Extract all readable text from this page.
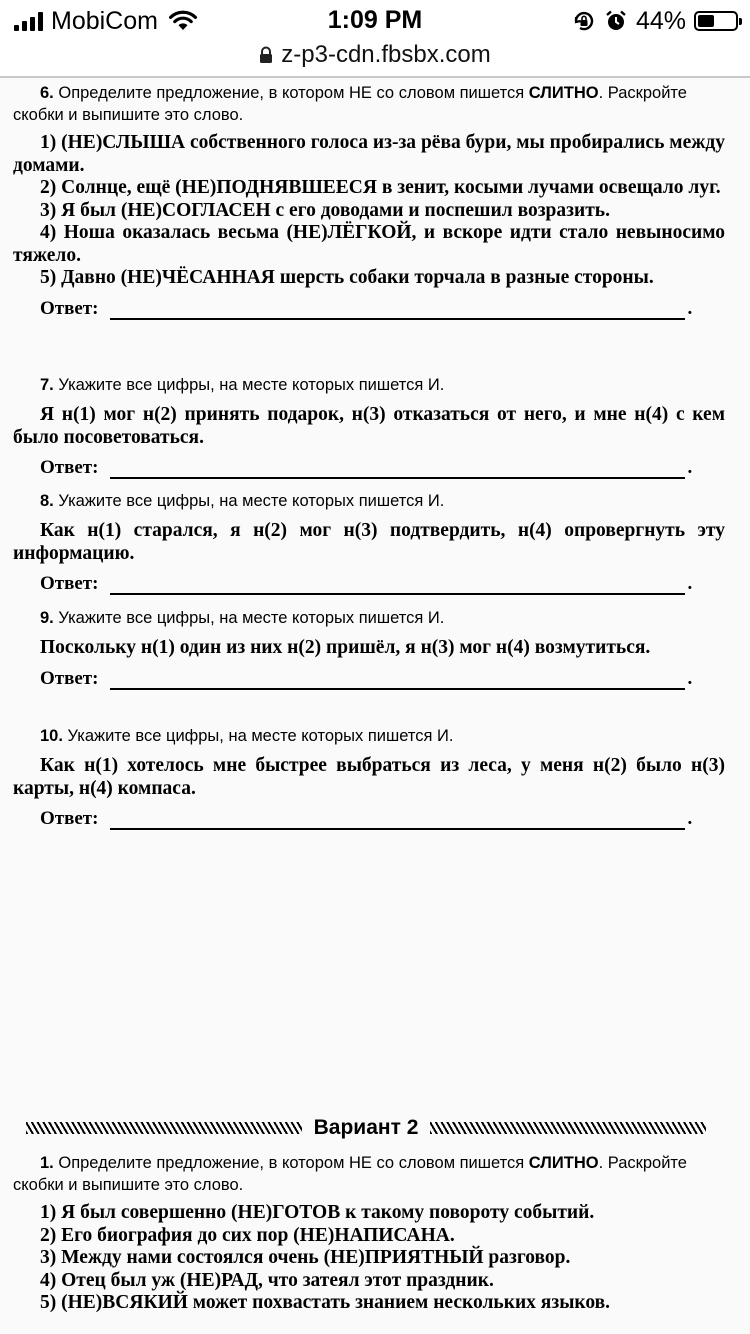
MobiCom	1:09 PM	44%
z-p3-cdn.fbsbx.com

6. Определите предложение, в котором НЕ со словом пишется СЛИТНО. Раскройте скобки и выпишите это слово.

1) (НЕ)СЛЫША собственного голоса из-за рёва бури, мы пробирались между домами.

2) Солнце, ещё (НЕ)ПОДНЯВШЕЕСЯ в зенит, косыми лучами освещало луг.

3) Я был (НЕ)СОГЛАСЕН с его доводами и поспешил возразить.

4) Ноша оказалась весьма (НЕ)ЛЁГКОЙ, и вскоре идти стало невыносимо тяжело.

5) Давно (НЕ)ЧЁСАННАЯ шерсть собаки торчала в разные стороны.

Ответ:	.

7. Укажите все цифры, на месте которых пишется И.

Я н(1) мог н(2) принять подарок, н(3) отказаться от него, и мне н(4) с кем было посоветоваться.

Ответ:	.

8. Укажите все цифры, на месте которых пишется И.

Как н(1) старался, я н(2) мог н(3) подтвердить, н(4) опровергнуть эту информацию.

Ответ:	.

9. Укажите все цифры, на месте которых пишется И.

Поскольку н(1) один из них н(2) пришёл, я н(3) мог н(4) возмутиться.

Ответ:	.

10. Укажите все цифры, на месте которых пишется И.

Как н(1) хотелось мне быстрее выбраться из леса, у меня н(2) было н(3) карты, н(4) компаса.

Ответ:	.
Вариант 2

1. Определите предложение, в котором НЕ со словом пишется СЛИТНО. Раскройте скобки и выпишите это слово.

1) Я был совершенно (НЕ)ГОТОВ к такому повороту событий.

2) Его биография до сих пор (НЕ)НАПИСАНА.

3) Между нами состоялся очень (НЕ)ПРИЯТНЫЙ разговор.

4) Отец был уж (НЕ)РАД, что затеял этот праздник.

5) (НЕ)ВСЯКИЙ может похвастать знанием нескольких языков.
